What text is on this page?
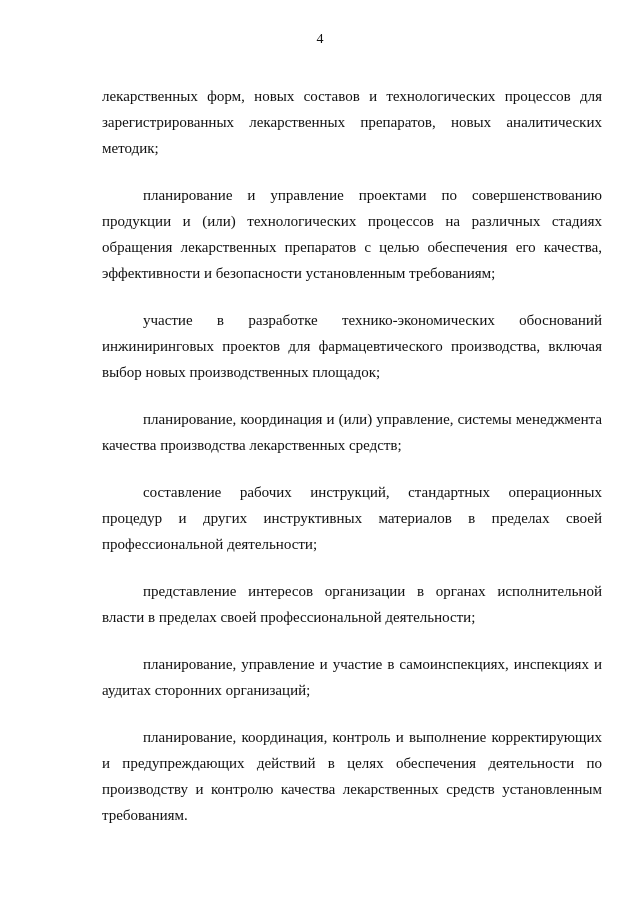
4

лекарственных форм, новых составов и технологических процессов для зарегистрированных лекарственных препаратов, новых аналитических методик;

планирование и управление проектами по совершенствованию продукции и (или) технологических процессов на различных стадиях обращения лекарственных препаратов с целью обеспечения его качества, эффективности и безопасности установленным требованиям;

участие в разработке технико-экономических обоснований инжиниринговых проектов для фармацевтического производства, включая выбор новых производственных площадок;

планирование, координация и (или) управление, системы менеджмента качества производства лекарственных средств;

составление рабочих инструкций, стандартных операционных процедур и других инструктивных материалов в пределах своей профессиональной деятельности;

представление интересов организации в органах исполнительной власти в пределах своей профессиональной деятельности;

планирование, управление и участие в самоинспекциях, инспекциях и аудитах сторонних организаций;

планирование, координация, контроль и выполнение корректирующих и предупреждающих действий в целях обеспечения деятельности по производству и контролю качества лекарственных средств установленным требованиям.
